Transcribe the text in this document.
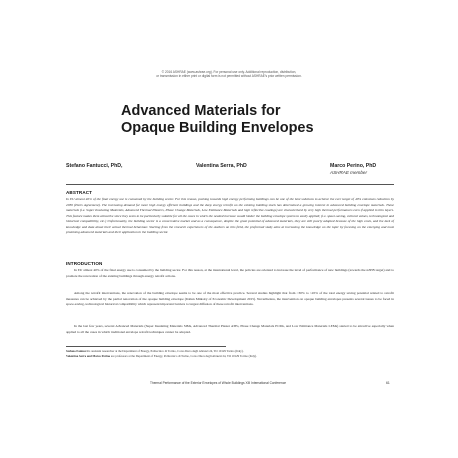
© 2016 ASHRAE (www.ashrae.org). For personal use only. Additional reproduction, distribution,
or transmission in either print or digital form is not permitted without ASHRAE's prior written permission.
Advanced Materials for
Opaque Building Envelopes
Stefano Fantucci, PhD,	Valentina Serra, PhD	Marco Perino, PhD
ASHRAE member
ABSTRACT

In EU almost 40% of the final energy use is consumed by the building sector. For this reason, pushing towards high energy performing buildings can be one of the best solutions to achieve the ever target of 40% emissions reduction by 2030 (Paris Agreement). The increasing demand for more high energy efficient buildings and the deep energy retrofit on the existing building stock has determined a growing interest in advanced building envelope materials. These materials (i.e. Super Insulating Materials, Advanced Thermal Plasters, Phase Change Materials, Low Emittance Materials and high reflective coatings) are characterized by very high thermal performances even if applied in thin layers. This feature makes them attractive since they seem to be particularly suitable for all the cases in which the needed increase would hinder the building envelope system to easily applied; (i.e. space-saving, cultural values, technological and historical compatibility, etc.) Unfortunately, the building sector is a conservative market and as a consequence, despite the great potential of advanced materials, they are still poorly adopted because of the high costs, and the lack of knowledge and data about their actual thermal behaviour. Starting from the research experiences of the Authors on this field, the preformed study aims at increasing the knowledge on the topic by focusing on the emerging and most promising advanced materials and their application in the building sector.

INTRODUCTION

In EU almost 40% of the final energy use is consumed by the building sector. For this reason, at the international level, the policies are oriented to increase the level of performance of new buildings (towards the nZEB target) and to promote the renovation of the existing buildings through energy retrofit actions.

Among the retrofit interventions, the renovation of the building envelope seems to be one of the most effective practice. Several studies highlight that from ~30% to ~45% of the total energy saving potential related to retrofit measures can be achieved by the partial renovation of the opaque building envelope (Italian Ministry of Economic Development 2015). Nevertheless, the intervention on opaque building envelopes presents several issues to be faced in space-saving, technological historical compatibility which represent important barriers to largest diffusion of these retrofit interventions.

In the last few years, several Advanced Materials (Super Insulating Materials SIMs, Advanced Thermal Plaster ATPs, Phase Change Materials PCMs, and Low Emittance Materials LEMs) started to be attractive especially when applied to all the cases in which traditional envelope retrofit techniques cannot be adopted.

Stefano Fantucci is assistant researcher at the Department of Energy, Politecnico di Torino, Corso Duca degli Abruzzi 24, TO 10129 Torino (Italy).

Valentina Serra and Marco Perino are professors at the Department of Energy, Politecnico di Torino, Corso Duca degli Abruzzi 24, TO 10129 Torino (Italy).

Thermal Performance of the Exterior Envelopes of Whole Buildings XIII International Conference	61
